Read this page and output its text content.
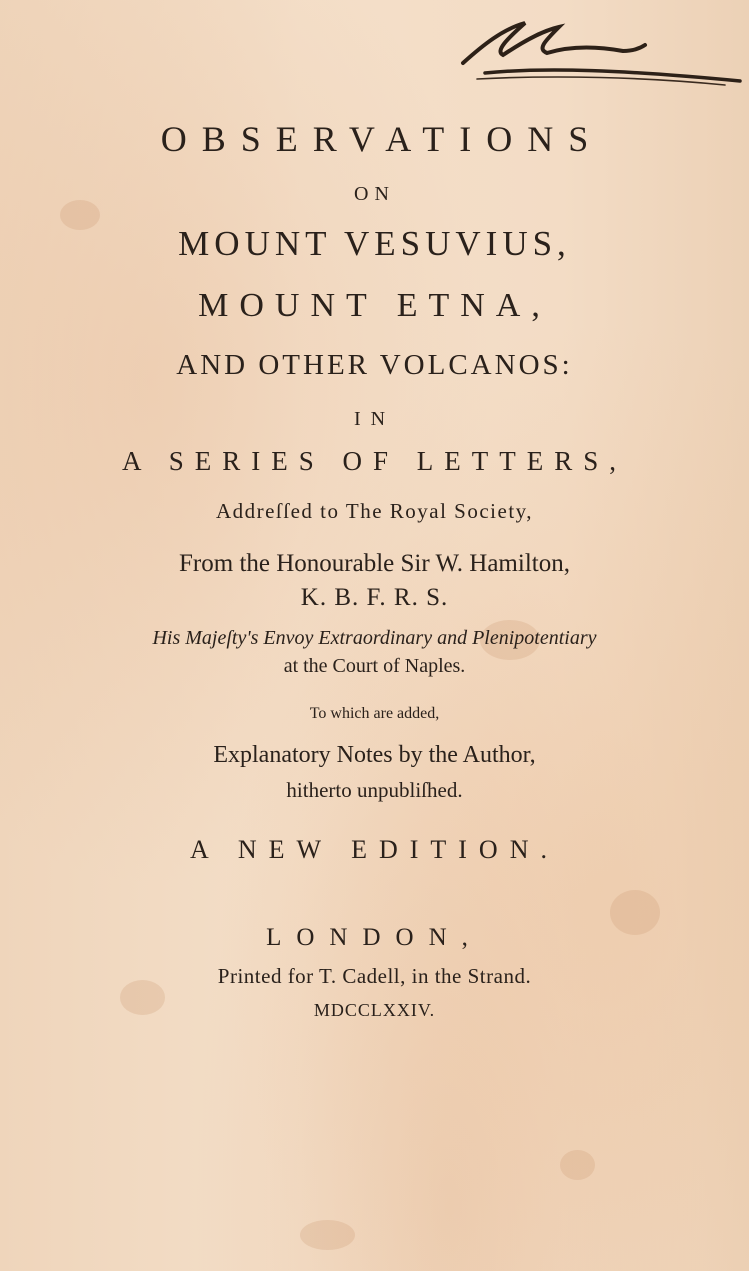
OBSERVATIONS
ON
MOUNT VESUVIUS,
MOUNT ETNA,
AND OTHER VOLCANOS:
IN
A SERIES OF LETTERS,
Addreſſed to The Royal Society,
From the Honourable Sir W. Hamilton,
K. B. F. R. S.
His Majeſty's Envoy Extraordinary and Plenipotentiary
at the Court of Naples.
To which are added,
Explanatory Notes by the Author,
hitherto unpubliſhed.
A NEW EDITION.
LONDON,
Printed for T. Cadell, in the Strand.
MDCCLXXIV.
